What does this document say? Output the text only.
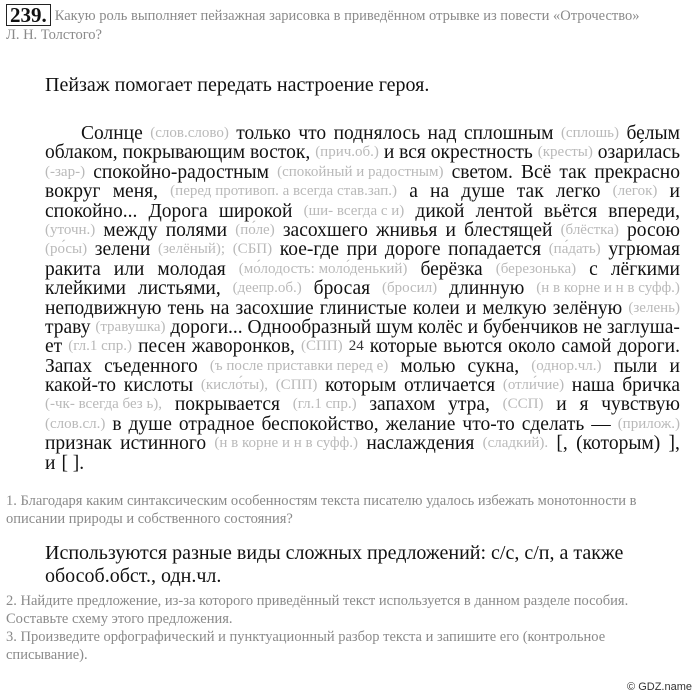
239. Какую роль выполняет пейзажная зарисовка в приведённом отрывке из повести «Отрочество» Л. Н. Толстого?
Пейзаж помогает передать настроение героя.
Солнце (слов.слово) только что поднялось над сплошным (сплошь) белым
облаком, покрывающим восток, (прич.об.) и вся окрестность (кресты) озари́лась
(-зар-) спокойно-радостным (спокойный и радостным) светом. Всё так прекрасно
вокруг меня, (перед противоп. а всегда став.зап.) а на душе так легко (легок) и
спокойно... Дорога широкой (ши- всегда с и) дикой лентой вьётся впереди,
(уточн.) между полями (по́ле) засохшего жнивья и блестящей (блёстка) росою
(ро́сы) зелени (зелёный); (СБП) кое-где при дороге попадается (па́дать) угрюмая
ракита или молодая (мо́лодость: моло́денький) берёзка (березонька) с лёгкими
клейкими листьями, (деепр.об.) бросая (бросил) длинную (н в корне и н в суфф.)
неподвижную тень на засохшие глинистые колеи и мелкую зелёную (зелень)
траву (травушка) дороги... Однообразный шум колёс и бубенчиков не заглуша-
ет (гл.1 спр.) песен жаворонков, (СПП) 24 которые вьются около самой дороги.
Запах съеденного (ъ после приставки перед е) молью сукна, (однор.чл.) пыли и
какой-то кислоты (кисло́ты), (СПП) которым отличается (отли́чие) наша бричка
(-чк- всегда без ь), покрывается (гл.1 спр.) запахом утра, (ССП) и я чувствую
(слов.сл.) в душе отрадное беспокойство, желание что-то сделать — (прилож.)
признак истинного (н в корне и н в суфф.) наслаждения (сладкий). [, (которым) ],
и [ ].
1. Благодаря каким синтаксическим особенностям текста писателю удалось избежать монотонности в описании природы и собственного состояния?
Используются разные виды сложных предложений: с/с, с/п, а также
обособ.обст., одн.чл.
2. Найдите предложение, из-за которого приведённый текст используется в данном разделе пособия. Составьте схему этого предложения.
3. Произведите орфографический и пунктуационный разбор текста и запишите его (контрольное списывание).
© GDZ.name
